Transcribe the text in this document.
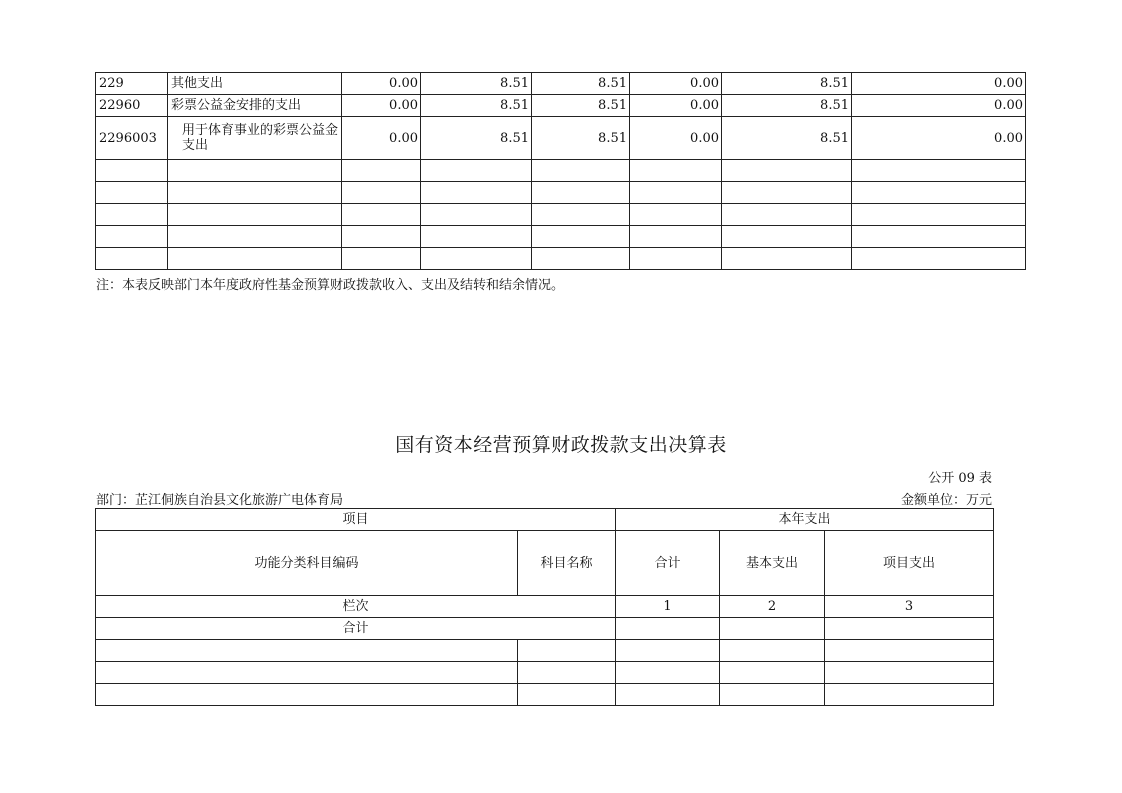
229	其他支出	0.00	8.51	8.51	0.00	8.51	0.00
22960	彩票公益金安排的支出	0.00	8.51	8.51	0.00	8.51	0.00
2296003	用于体育事业的彩票公益金支出	0.00	8.51	8.51	0.00	8.51	0.00

注：本表反映部门本年度政府性基金预算财政拨款收入、支出及结转和结余情况。
国有资本经营预算财政拨款支出决算表
公开 09 表
部门：芷江侗族自治县文化旅游广电体育局	金额单位：万元
项目		本年支出		
功能分类科目编码	科目名称	合计	基本支出	项目支出
栏次		1	2	3
合计				
